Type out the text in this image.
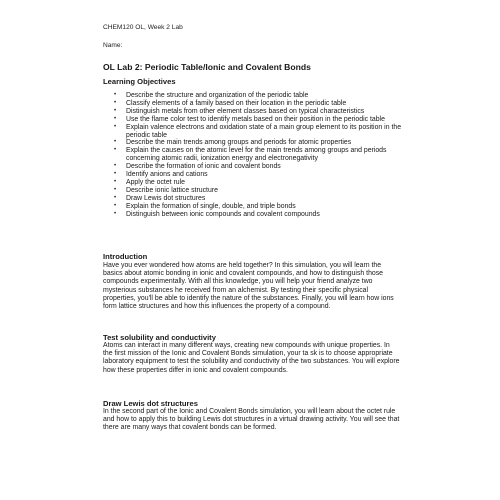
CHEM120 OL, Week 2 Lab
Name:
OL Lab 2: Periodic Table/Ionic and Covalent Bonds
Learning Objectives
• Describe the structure and organization of the periodic table
• Classify elements of a family based on their location in the periodic table
• Distinguish metals from other element classes based on typical characteristics
• Use the flame color test to identify metals based on their position in the periodic table
• Explain valence electrons and oxidation state of a main group element to its position in the periodic table
• Describe the main trends among groups and periods for atomic properties
• Explain the causes on the atomic level for the main trends among groups and periods concerning atomic radii, ionization energy and electronegativity
• Describe the formation of ionic and covalent bonds
• Identify anions and cations
• Apply the octet rule
• Describe ionic lattice structure
• Draw Lewis dot structures
• Explain the formation of single, double, and triple bonds
• Distinguish between ionic compounds and covalent compounds
Introduction

Have you ever wondered how atoms are held together? In this simulation, you will learn the basics about atomic bonding in ionic and covalent compounds, and how to distinguish those compounds experimentally. With all this knowledge, you will help your friend analyze two mysterious substances he received from an alchemist. By testing their specific physical properties, you'll be able to identify the nature of the substances. Finally, you will learn how ions form lattice structures and how this influences the property of a compound.

Test solubility and conductivity

Atoms can interact in many different ways, creating new compounds with unique properties. In the first mission of the Ionic and Covalent Bonds simulation, your ta sk is to choose appropriate laboratory equipment to test the solubility and conductivity of the two substances. You will explore how these properties differ in ionic and covalent compounds.

Draw Lewis dot structures

In the second part of the Ionic and Covalent Bonds simulation, you will learn about the octet rule and how to apply this to building Lewis dot structures in a virtual drawing activity. You will see that there are many ways that covalent bonds can be formed.
